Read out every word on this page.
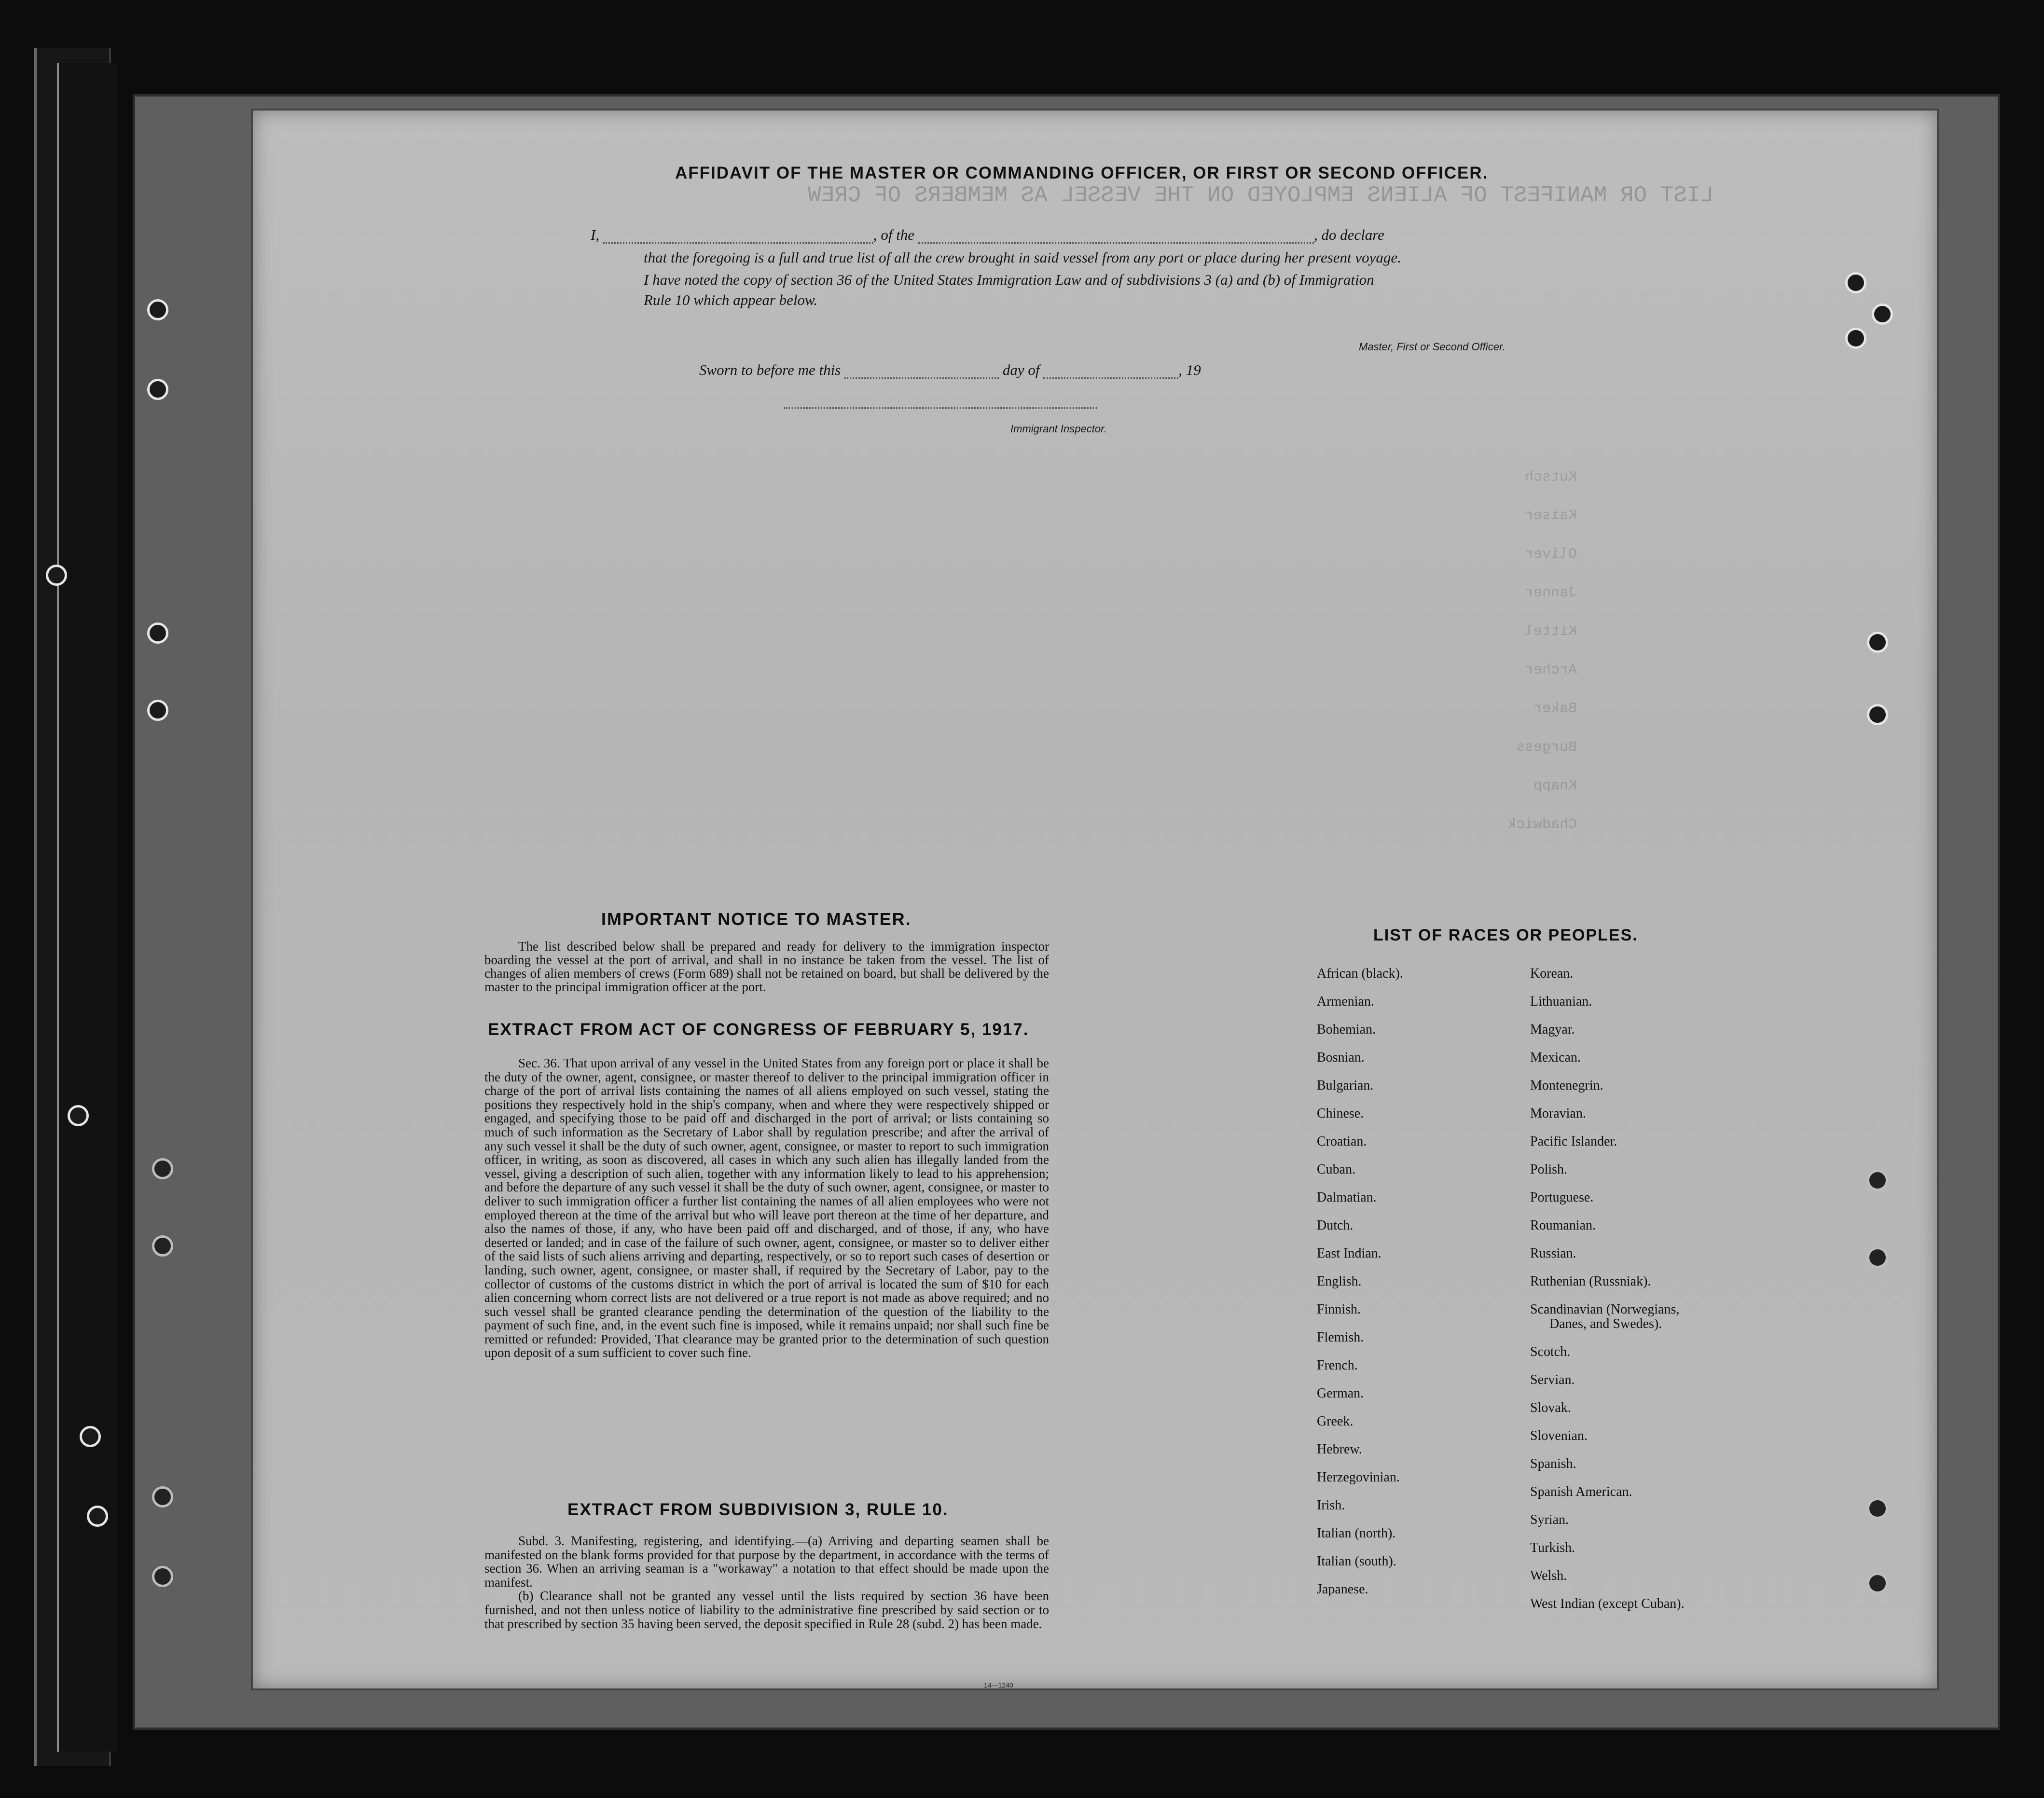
LIST OR MANIFEST OF ALIENS EMPLOYED ON THE VESSEL AS MEMBERS OF CREW
Kutsch
Kaiser
Oliver
Janner
Kittel
Archer
Baker
Burgess
Knapp
Chadwick
AFFIDAVIT OF THE MASTER OR COMMANDING OFFICER, OR FIRST OR SECOND OFFICER.
I,	, of the	, do declare
that the foregoing is a full and true list of all the crew brought in said vessel from any port or place during her present voyage.
I have noted the copy of section 36 of the United States Immigration Law and of subdivisions 3 (a) and (b) of Immigration
Rule 10 which appear below.
Master, First or Second Officer.
Sworn to before me this	day of	, 19
Immigrant Inspector.
IMPORTANT NOTICE TO MASTER.

The list described below shall be prepared and ready for delivery to the immigration inspector boarding the vessel at the port of arrival, and shall in no instance be taken from the vessel. The list of changes of alien members of crews (Form 689) shall not be retained on board, but shall be delivered by the master to the principal immigration officer at the port.

EXTRACT FROM ACT OF CONGRESS OF FEBRUARY 5, 1917.

Sec. 36. That upon arrival of any vessel in the United States from any foreign port or place it shall be the duty of the owner, agent, consignee, or master thereof to deliver to the principal immigration officer in charge of the port of arrival lists containing the names of all aliens employed on such vessel, stating the positions they respectively hold in the ship's company, when and where they were respectively shipped or engaged, and specifying those to be paid off and discharged in the port of arrival; or lists containing so much of such information as the Secretary of Labor shall by regulation prescribe; and after the arrival of any such vessel it shall be the duty of such owner, agent, consignee, or master to report to such immigration officer, in writing, as soon as discovered, all cases in which any such alien has illegally landed from the vessel, giving a description of such alien, together with any information likely to lead to his apprehension; and before the departure of any such vessel it shall be the duty of such owner, agent, consignee, or master to deliver to such immigration officer a further list containing the names of all alien employees who were not employed thereon at the time of the arrival but who will leave port thereon at the time of her departure, and also the names of those, if any, who have been paid off and discharged, and of those, if any, who have deserted or landed; and in case of the failure of such owner, agent, consignee, or master so to deliver either of the said lists of such aliens arriving and departing, respectively, or so to report such cases of desertion or landing, such owner, agent, consignee, or master shall, if required by the Secretary of Labor, pay to the collector of customs of the customs district in which the port of arrival is located the sum of $10 for each alien concerning whom correct lists are not delivered or a true report is not made as above required; and no such vessel shall be granted clearance pending the determination of the question of the liability to the payment of such fine, and, in the event such fine is imposed, while it remains unpaid; nor shall such fine be remitted or refunded: Provided, That clearance may be granted prior to the determination of such question upon deposit of a sum sufficient to cover such fine.

EXTRACT FROM SUBDIVISION 3, RULE 10.

Subd. 3. Manifesting, registering, and identifying.—(a) Arriving and departing seamen shall be manifested on the blank forms provided for that purpose by the department, in accordance with the terms of section 36. When an arriving seaman is a "workaway" a notation to that effect should be made upon the manifest.

(b) Clearance shall not be granted any vessel until the lists required by section 36 have been furnished, and not then unless notice of liability to the administrative fine prescribed by said section or to that prescribed by section 35 having been served, the deposit specified in Rule 28 (subd. 2) has been made.

14—1240
LIST OF RACES OR PEOPLES.
African (black).
Armenian.
Bohemian.
Bosnian.
Bulgarian.
Chinese.
Croatian.
Cuban.
Dalmatian.
Dutch.
East Indian.
English.
Finnish.
Flemish.
French.
German.
Greek.
Hebrew.
Herzegovinian.
Irish.
Italian (north).
Italian (south).
Japanese.
Korean.
Lithuanian.
Magyar.
Mexican.
Montenegrin.
Moravian.
Pacific Islander.
Polish.
Portuguese.
Roumanian.
Russian.
Ruthenian (Russniak).
Scandinavian (Norwegians,
Danes, and Swedes).
Scotch.
Servian.
Slovak.
Slovenian.
Spanish.
Spanish American.
Syrian.
Turkish.
Welsh.
West Indian (except Cuban).
